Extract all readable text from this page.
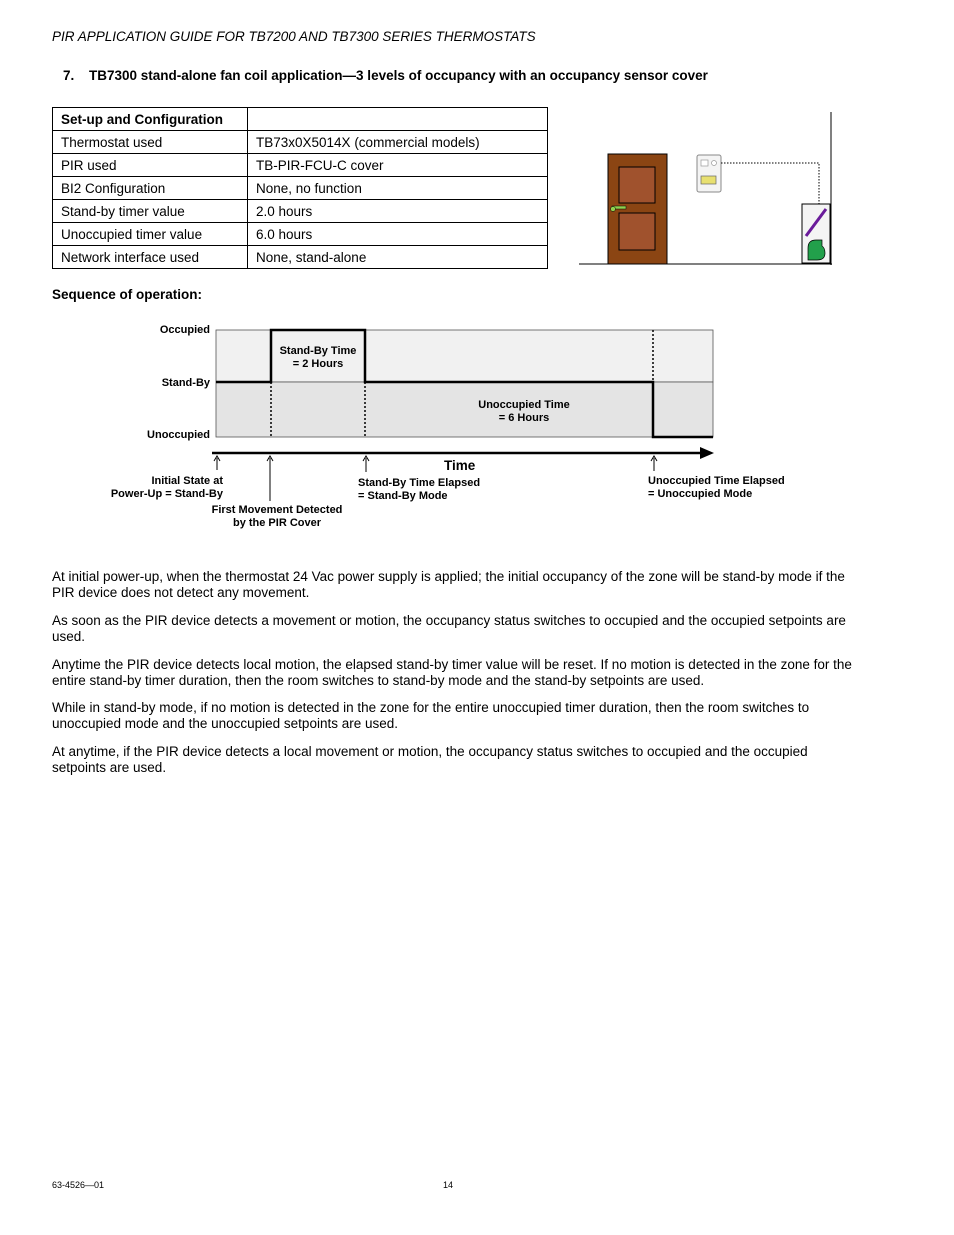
PIR APPLICATION GUIDE FOR TB7200 AND TB7300 SERIES THERMOSTATS
7. TB7300 stand-alone fan coil application—3 levels of occupancy with an occupancy sensor cover
Set-up and Configuration	
Thermostat used	TB73x0X5014X (commercial models)
PIR used	TB-PIR-FCU-C cover
BI2 Configuration	None, no function
Stand-by timer value	2.0 hours
Unoccupied timer value	6.0 hours
Network interface used	None, stand-alone
Sequence of operation:
Occupied
Stand-By
Unoccupied
Stand-By Time
= 2 Hours
Unoccupied Time
= 6 Hours
Time
Initial State at
Power-Up = Stand-By
First Movement Detected
by the PIR Cover
Stand-By Time Elapsed
= Stand-By Mode
Unoccupied Time Elapsed
= Unoccupied Mode
At initial power-up, when the thermostat 24 Vac power supply is applied; the initial occupancy of the zone will be stand-by mode if the PIR device does not detect any movement.
As soon as the PIR device detects a movement or motion, the occupancy status switches to occupied and the occupied setpoints are used.
Anytime the PIR device detects local motion, the elapsed stand-by timer value will be reset. If no motion is detected in the zone for the entire stand-by timer duration, then the room switches to stand-by mode and the stand-by setpoints are used.
While in stand-by mode, if no motion is detected in the zone for the entire unoccupied timer duration, then the room switches to unoccupied mode and the unoccupied setpoints are used.
At anytime, if the PIR device detects a local movement or motion, the occupancy status switches to occupied and the occupied setpoints are used.
63-4526—01	14
